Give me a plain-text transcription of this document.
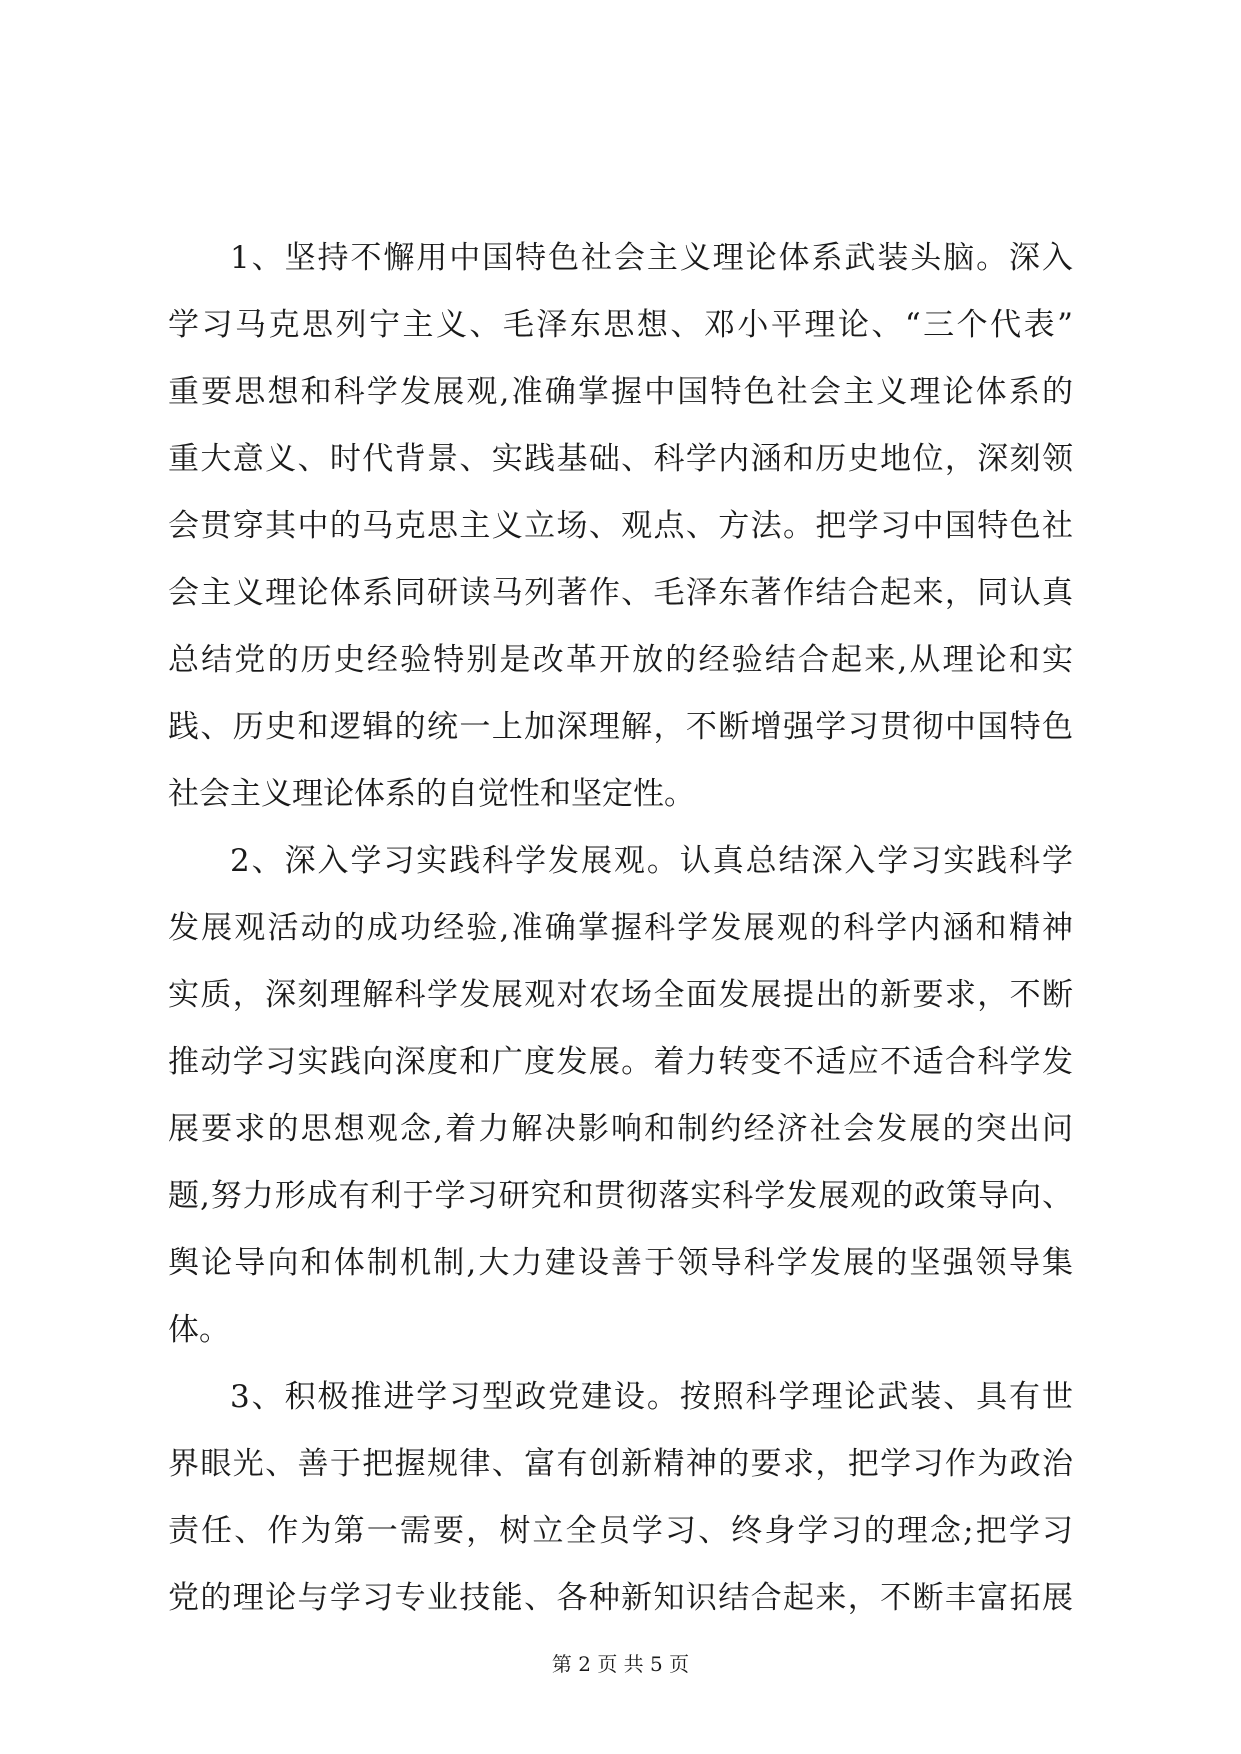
1、坚持不懈用中国特色社会主义理论体系武装头脑。深入
学习马克思列宁主义、毛泽东思想、邓小平理论、“三个代表”
重要思想和科学发展观,准确掌握中国特色社会主义理论体系的
重大意义、时代背景、实践基础、科学内涵和历史地位，深刻领
会贯穿其中的马克思主义立场、观点、方法。把学习中国特色社
会主义理论体系同研读马列著作、毛泽东著作结合起来，同认真
总结党的历史经验特别是改革开放的经验结合起来,从理论和实
践、历史和逻辑的统一上加深理解，不断增强学习贯彻中国特色
社会主义理论体系的自觉性和坚定性。
2、深入学习实践科学发展观。认真总结深入学习实践科学
发展观活动的成功经验,准确掌握科学发展观的科学内涵和精神
实质，深刻理解科学发展观对农场全面发展提出的新要求，不断
推动学习实践向深度和广度发展。着力转变不适应不适合科学发
展要求的思想观念,着力解决影响和制约经济社会发展的突出问
题,努力形成有利于学习研究和贯彻落实科学发展观的政策导向、
舆论导向和体制机制,大力建设善于领导科学发展的坚强领导集
体。
3、积极推进学习型政党建设。按照科学理论武装、具有世
界眼光、善于把握规律、富有创新精神的要求，把学习作为政治
责任、作为第一需要，树立全员学习、终身学习的理念;把学习
党的理论与学习专业技能、各种新知识结合起来，不断丰富拓展
第 2 页 共 5 页
